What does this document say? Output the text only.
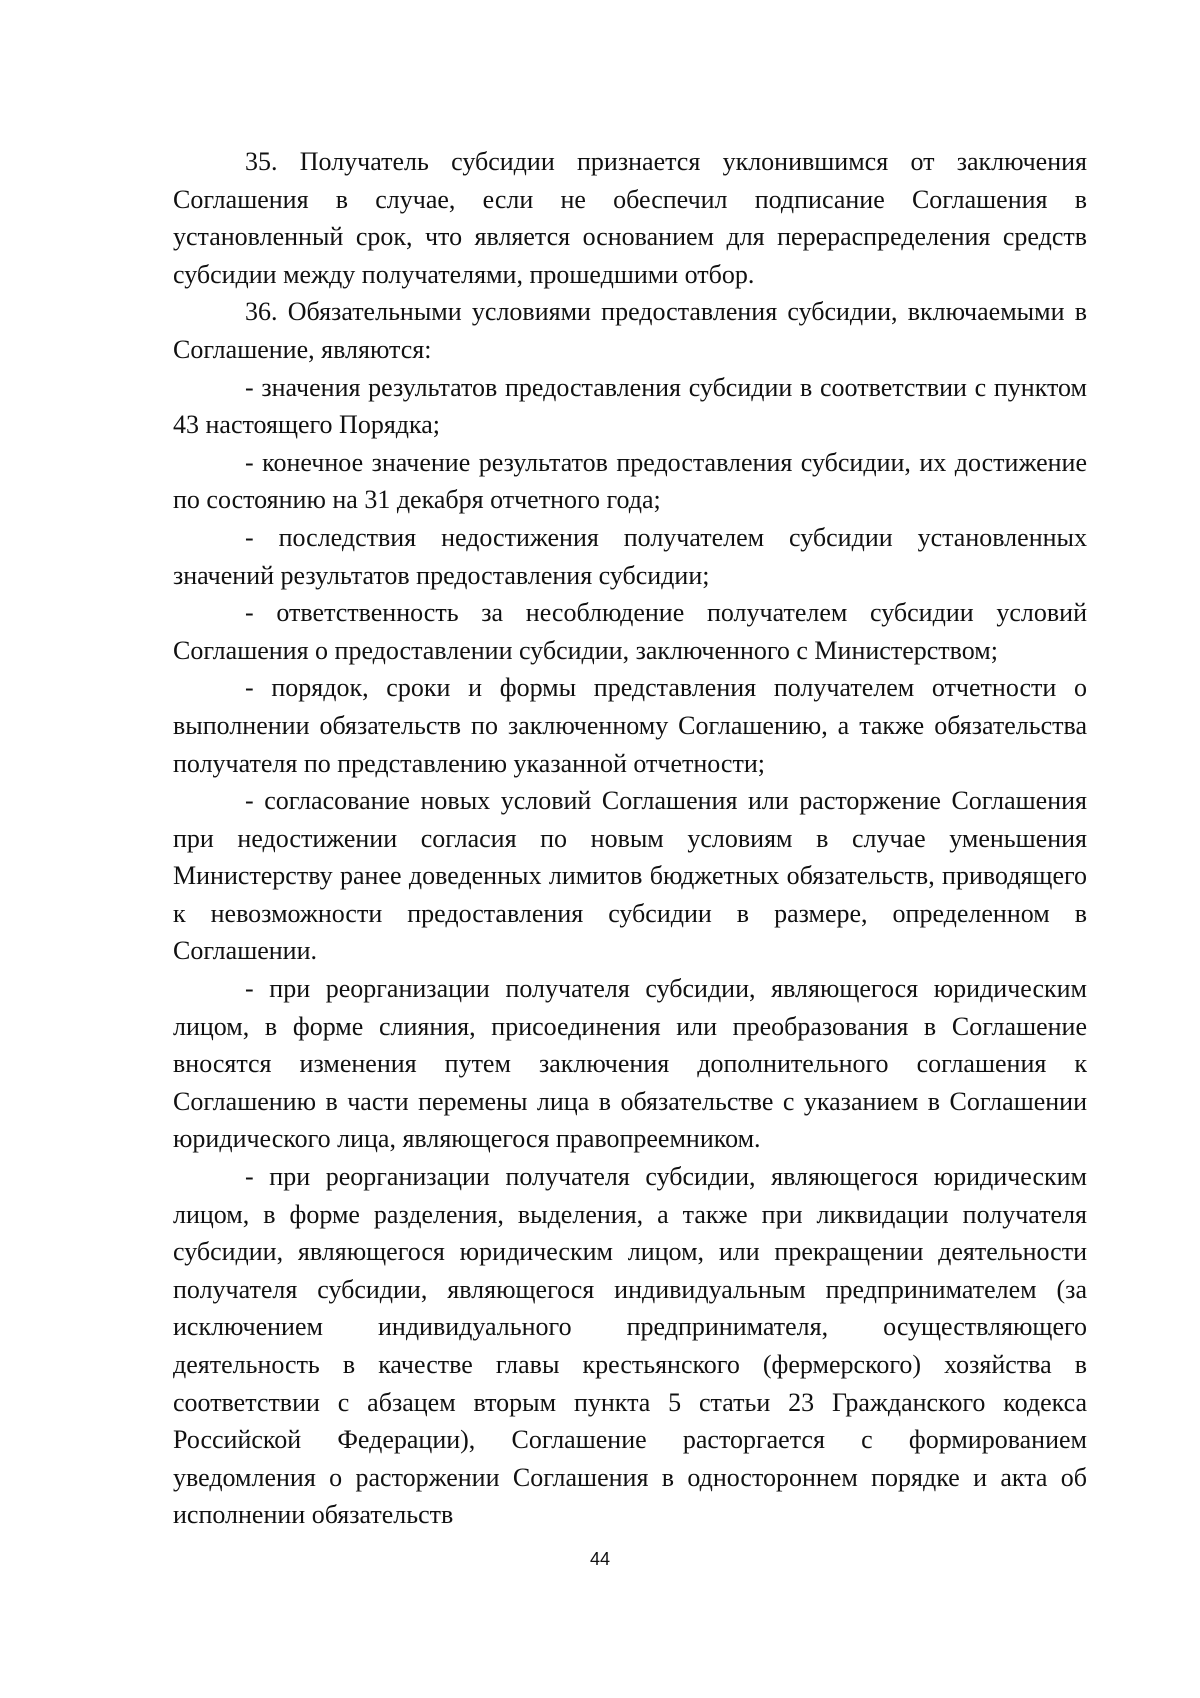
35. Получатель субсидии признается уклонившимся от заключения Соглашения в случае, если не обеспечил подписание Соглашения в установленный срок, что является основанием для перераспределения средств субсидии между получателями, прошедшими отбор.

36. Обязательными условиями предоставления субсидии, включаемыми в Соглашение, являются:

- значения результатов предоставления субсидии в соответствии с пунктом 43 настоящего Порядка;

- конечное значение результатов предоставления субсидии, их достижение по состоянию на 31 декабря отчетного года;

- последствия недостижения получателем субсидии установленных значений результатов предоставления субсидии;

- ответственность за несоблюдение получателем субсидии условий Соглашения о предоставлении субсидии, заключенного с Министерством;

- порядок, сроки и формы представления получателем отчетности о выполнении обязательств по заключенному Соглашению, а также обязательства получателя по представлению указанной отчетности;

- согласование новых условий Соглашения или расторжение Соглашения при недостижении согласия по новым условиям в случае уменьшения Министерству ранее доведенных лимитов бюджетных обязательств, приводящего к невозможности предоставления субсидии в размере, определенном в Соглашении.

- при реорганизации получателя субсидии, являющегося юридическим лицом, в форме слияния, присоединения или преобразования в Соглашение вносятся изменения путем заключения дополнительного соглашения к Соглашению в части перемены лица в обязательстве с указанием в Соглашении юридического лица, являющегося правопреемником.

- при реорганизации получателя субсидии, являющегося юридическим лицом, в форме разделения, выделения, а также при ликвидации получателя субсидии, являющегося юридическим лицом, или прекращении деятельности получателя субсидии, являющегося индивидуальным предпринимателем (за исключением индивидуального предпринимателя, осуществляющего деятельность в качестве главы крестьянского (фермерского) хозяйства в соответствии с абзацем вторым пункта 5 статьи 23 Гражданского кодекса Российской Федерации), Соглашение расторгается с формированием уведомления о расторжении Соглашения в одностороннем порядке и акта об исполнении обязательств

44
